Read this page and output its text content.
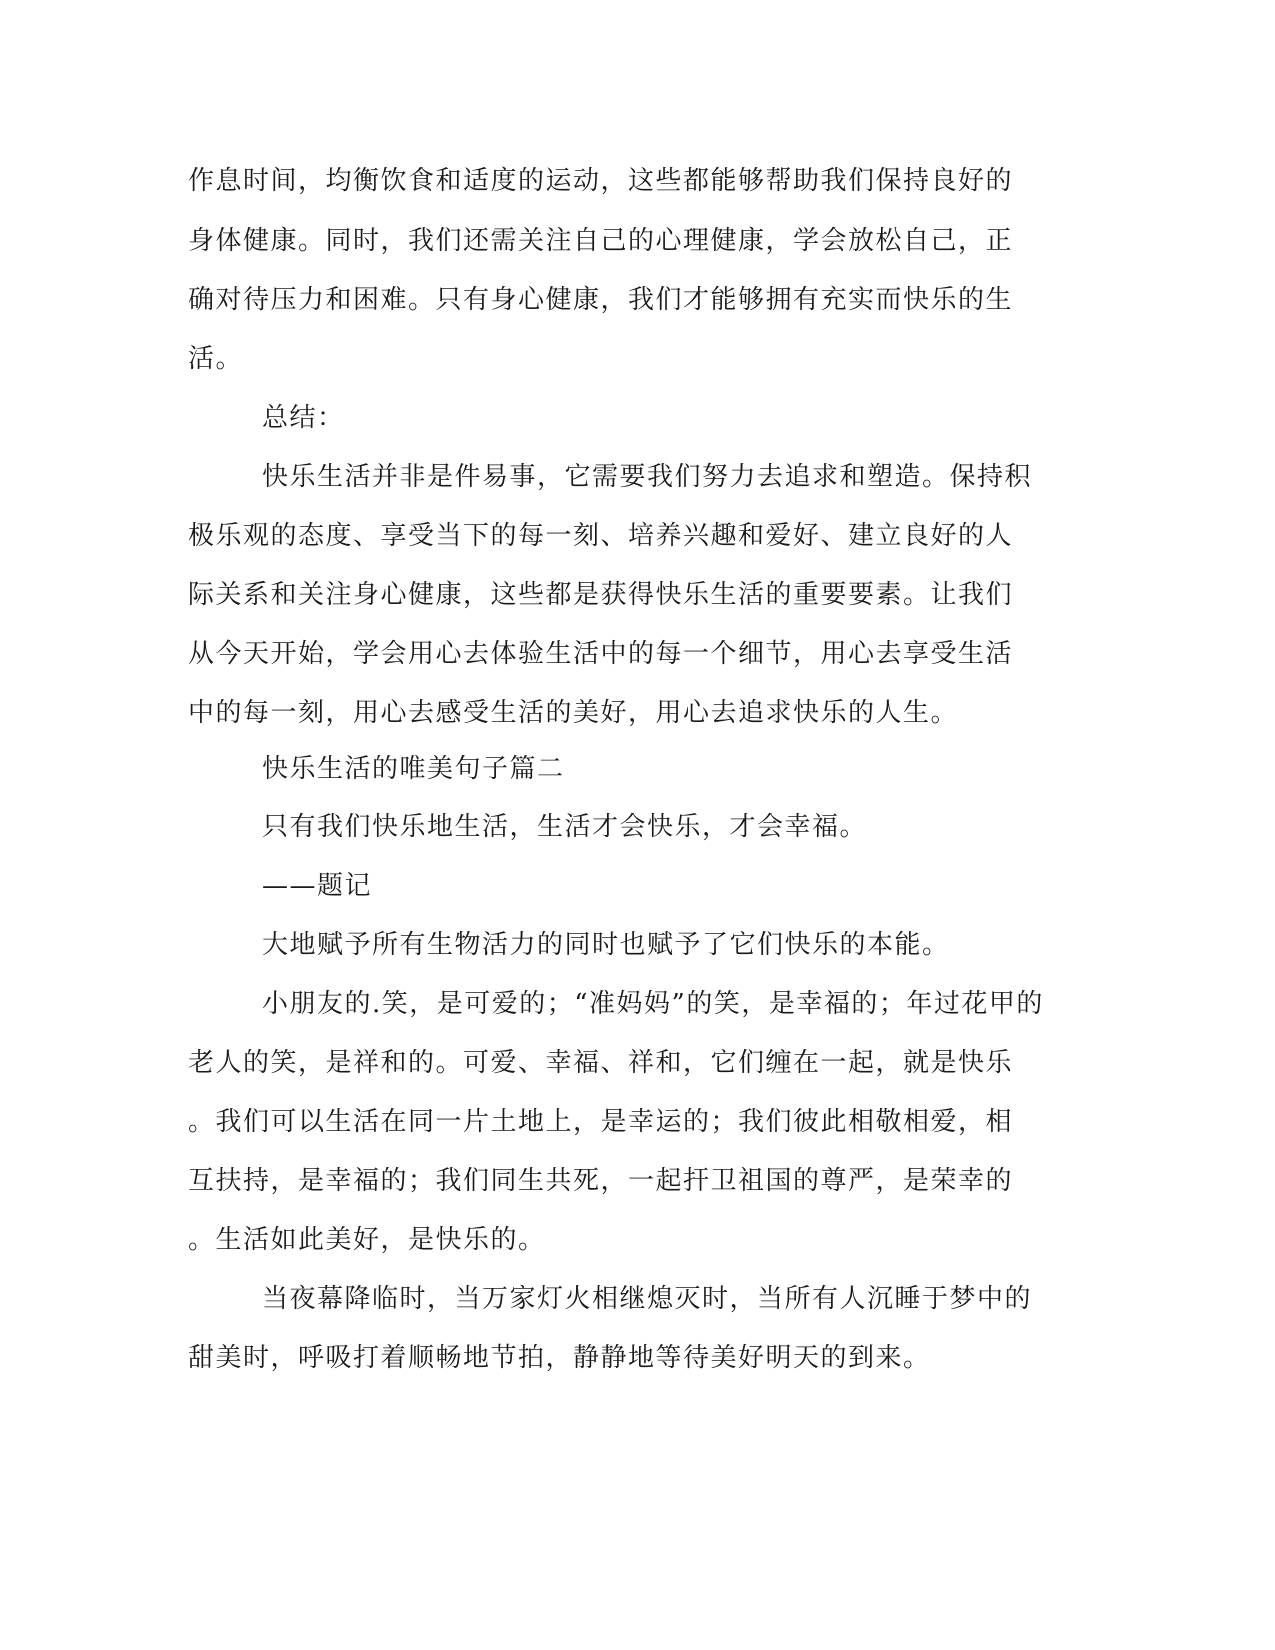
作息时间，均衡饮食和适度的运动，这些都能够帮助我们保持良好的
身体健康。同时，我们还需关注自己的心理健康，学会放松自己，正
确对待压力和困难。只有身心健康，我们才能够拥有充实而快乐的生
活。
总结：
快乐生活并非是件易事，它需要我们努力去追求和塑造。保持积
极乐观的态度、享受当下的每一刻、培养兴趣和爱好、建立良好的人
际关系和关注身心健康，这些都是获得快乐生活的重要要素。让我们
从今天开始，学会用心去体验生活中的每一个细节，用心去享受生活
中的每一刻，用心去感受生活的美好，用心去追求快乐的人生。
快乐生活的唯美句子篇二
只有我们快乐地生活，生活才会快乐，才会幸福。
——题记
大地赋予所有生物活力的同时也赋予了它们快乐的本能。
小朋友的.笑，是可爱的；“准妈妈”的笑，是幸福的；年过花甲的
老人的笑，是祥和的。可爱、幸福、祥和，它们缠在一起，就是快乐
。我们可以生活在同一片土地上，是幸运的；我们彼此相敬相爱，相
互扶持，是幸福的；我们同生共死，一起扞卫祖国的尊严，是荣幸的
。生活如此美好，是快乐的。
当夜幕降临时，当万家灯火相继熄灭时，当所有人沉睡于梦中的
甜美时，呼吸打着顺畅地节拍，静静地等待美好明天的到来。
